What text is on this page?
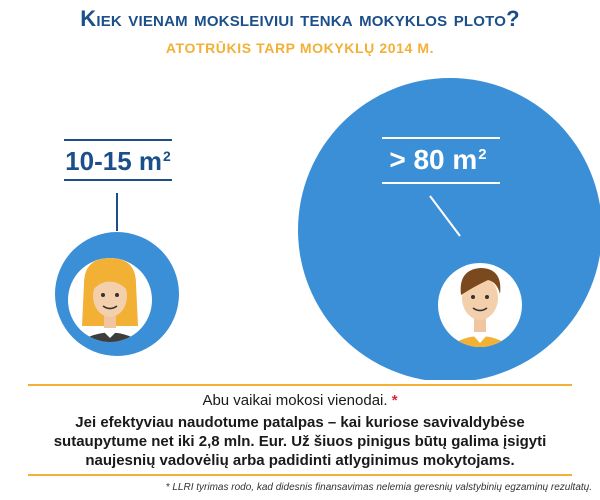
Kiek vienam moksleiviui tenka mokyklos ploto?
ATOTRŪKIS TARP MOKYKLŲ 2014 M.
10-15 $m^2$	> 80 $m^2$
Abu vaikai mokosi vienodai. *
Jei efektyviau naudotume patalpas – kai kuriose savivaldybėse sutaupytume net iki 2,8 mln. Eur. Už šiuos pinigus būtų galima įsigyti naujesnių vadovėlių arba padidinti atlyginimus mokytojams.
* LLRI tyrimas rodo, kad didesnis finansavimas nelemia geresnių valstybinių egzaminų rezultatų.
